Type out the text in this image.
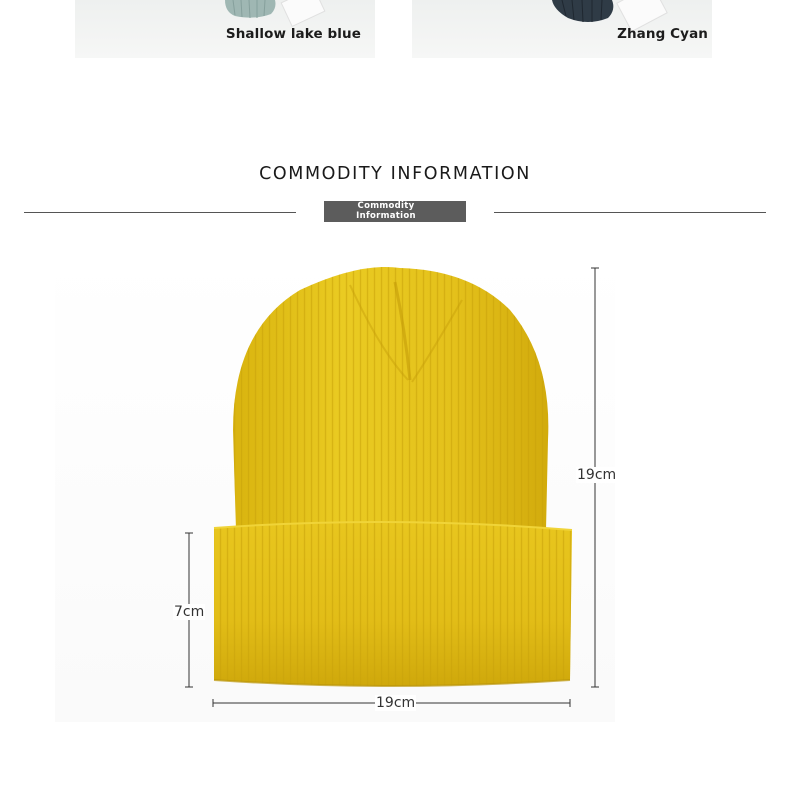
Shallow lake blue	Zhang Cyan
COMMODITY INFORMATION
Commodity
Information
19cm
7cm
19cm
